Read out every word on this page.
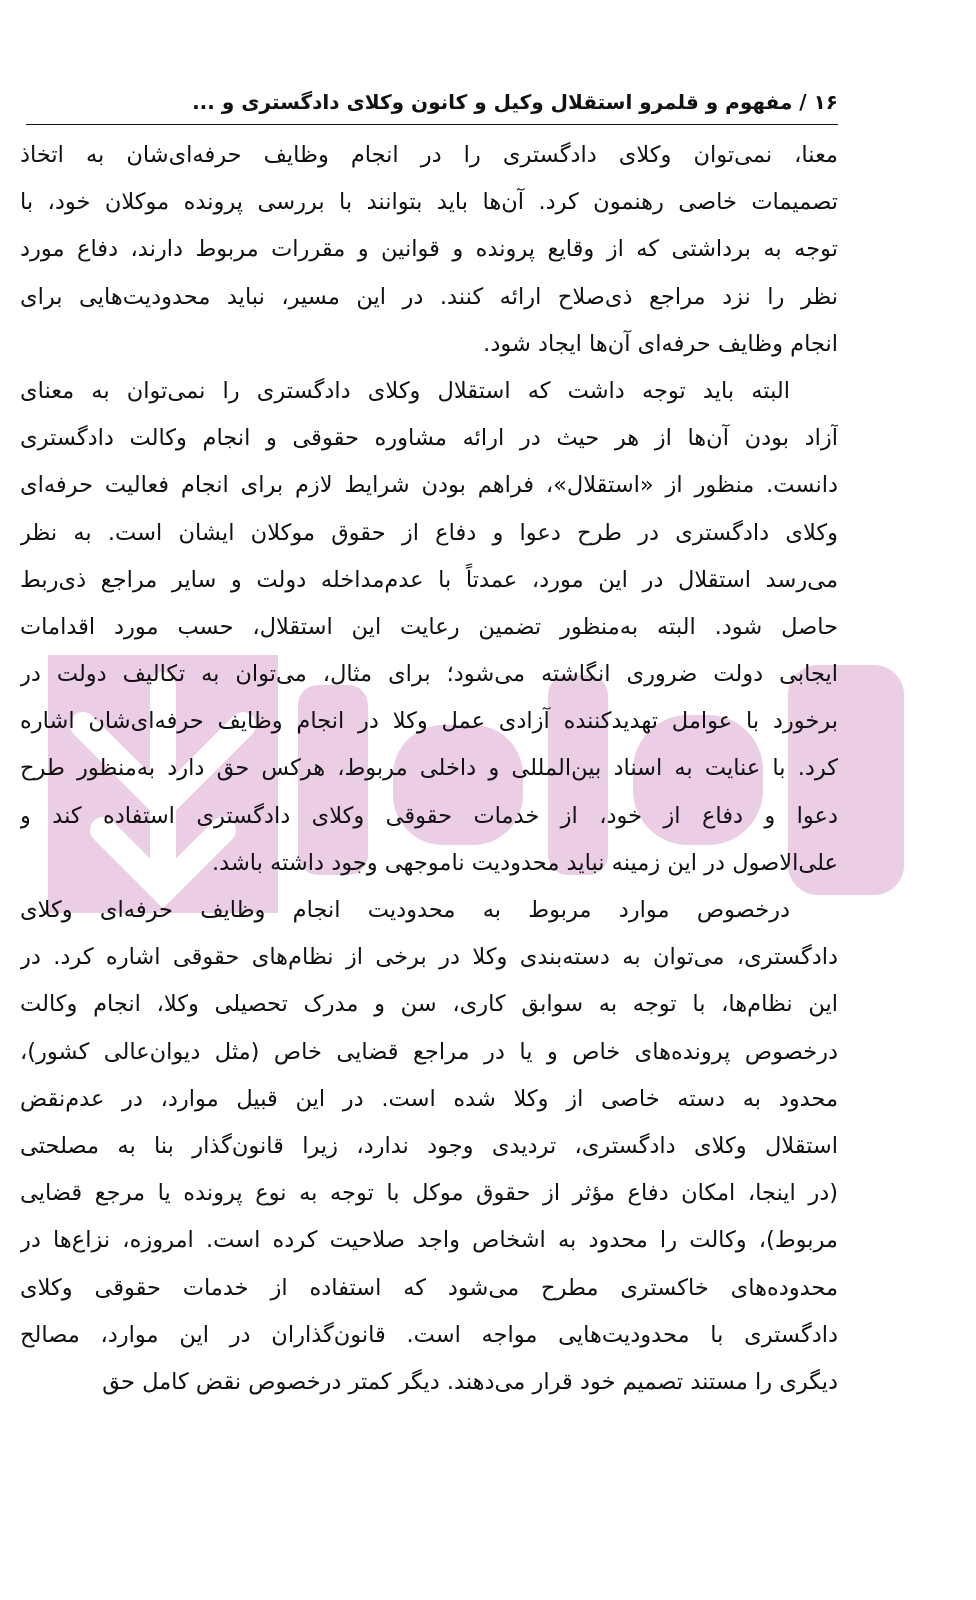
۱۶ / مفهوم و قلمرو استقلال وکیل و کانون وکلای دادگستری و ...
معنا، نمی‌توان وکلای دادگستری را در انجام وظایف حرفه‌ای‌شان به اتخاذ
تصمیمات خاصی رهنمون کرد. آن‌ها باید بتوانند با بررسی پرونده موکلان خود، با
توجه به برداشتی که از وقایع پرونده و قوانین و مقررات مربوط دارند، دفاع مورد
نظر را نزد مراجع ذی‌صلاح ارائه کنند. در این مسیر، نباید محدودیت‌هایی برای
انجام وظایف حرفه‌ای آن‌ها ایجاد شود.
البته باید توجه داشت که استقلال وکلای دادگستری را نمی‌توان به معنای
آزاد بودن آن‌ها از هر حیث در ارائه مشاوره حقوقی و انجام وکالت دادگستری
دانست. منظور از «استقلال»، فراهم بودن شرایط لازم برای انجام فعالیت حرفه‌ای
وکلای دادگستری در طرح دعوا و دفاع از حقوق موکلان ایشان است. به نظر
می‌رسد استقلال در این مورد، عمدتاً با عدم‌مداخله دولت و سایر مراجع ذی‌ربط
حاصل شود. البته به‌منظور تضمین رعایت این استقلال، حسب مورد اقدامات
ایجابی دولت ضروری انگاشته می‌شود؛ برای مثال، می‌توان به تکالیف دولت در
برخورد با عوامل تهدیدکننده آزادی عمل وکلا در انجام وظایف حرفه‌ای‌شان اشاره
کرد. با عنایت به اسناد بین‌المللی و داخلی مربوط، هرکس حق دارد به‌منظور طرح
دعوا و دفاع از خود، از خدمات حقوقی وکلای دادگستری استفاده کند و
علی‌الاصول در این زمینه نباید محدودیت ناموجهی وجود داشته باشد.
درخصوص موارد مربوط به محدودیت انجام وظایف حرفه‌ای وکلای
دادگستری، می‌توان به دسته‌بندی وکلا در برخی از نظام‌های حقوقی اشاره کرد. در
این نظام‌ها، با توجه به سوابق کاری، سن و مدرک تحصیلی وکلا، انجام وکالت
درخصوص پرونده‌های خاص و یا در مراجع قضایی خاص (مثل دیوان‌عالی کشور)،
محدود به دسته خاصی از وکلا شده است. در این قبیل موارد، در عدم‌نقض
استقلال وکلای دادگستری، تردیدی وجود ندارد، زیرا قانون‌گذار بنا به مصلحتی
(در اینجا، امکان دفاع مؤثر از حقوق موکل با توجه به نوع پرونده یا مرجع قضایی
مربوط)، وکالت را محدود به اشخاص واجد صلاحیت کرده است. امروزه، نزاع‌ها در
محدوده‌های خاکستری مطرح می‌شود که استفاده از خدمات حقوقی وکلای
دادگستری با محدودیت‌هایی مواجه است. قانون‌گذاران در این موارد، مصالح
دیگری را مستند تصمیم خود قرار می‌دهند. دیگر کمتر درخصوص نقض کامل حق
